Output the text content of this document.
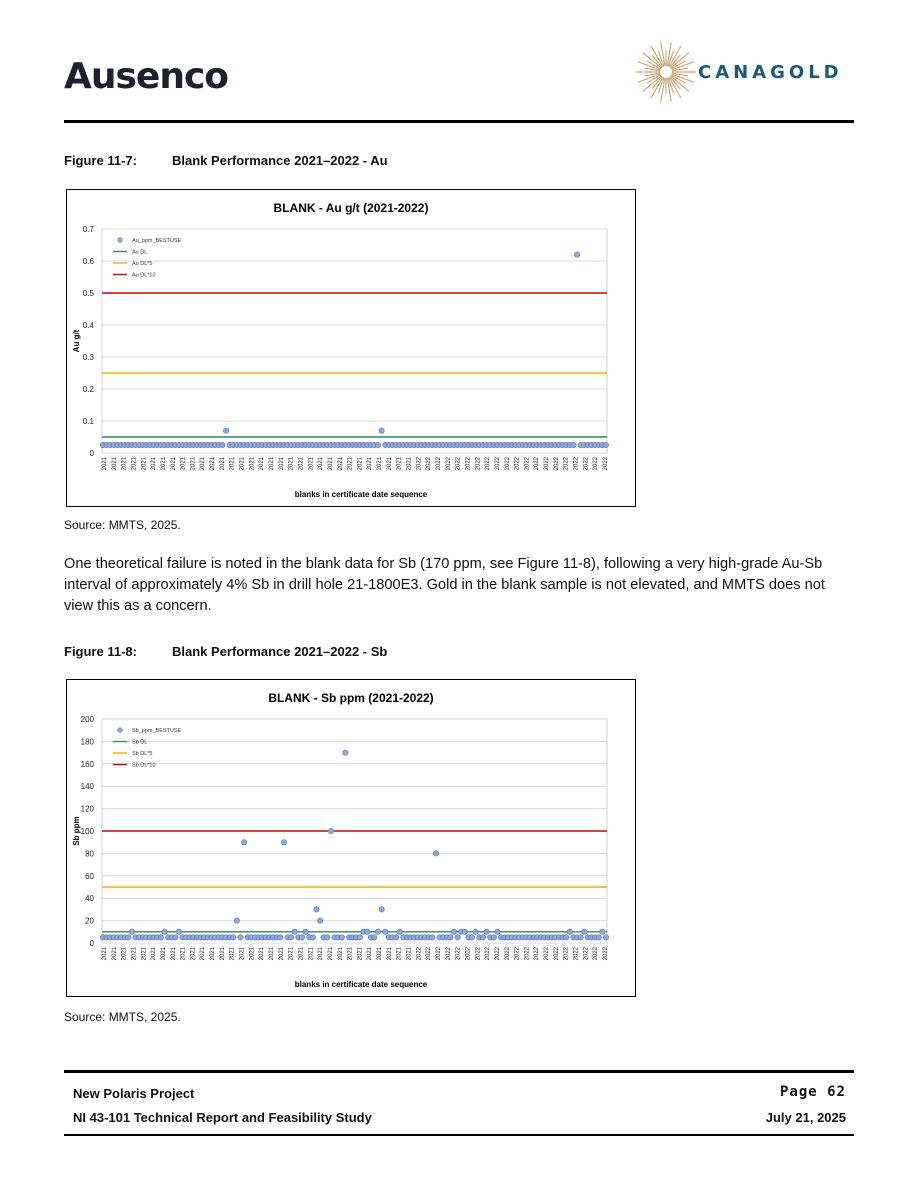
Ausenco	CANAGOLD
Figure 11-7:	Blank Performance 2021–2022 - Au
BLANK - Au g/t (2021-2022)
0
0.1
0.2
0.3
0.4
0.5
0.6
0.7
Au g/t
2021 2021 2021 2021 2021 2021 2021 2021 2021 2021 2021 2021 2021 2021 2021 2021 2021 2021 2021 2021 2021 2021 2021 2021 2021 2021 2021 2021 2021 2021 2021 2021 2022 2022 2022 2022 2022 2022 2022 2022 2022 2022 2022 2022 2022 2022 2022 2022 2022 2022 2022 2022
blanks in certificate date sequence
Au_ppm_BESTUSE
Au DL
Au DL*5
Au DL*10
Source: MMTS, 2025.
One theoretical failure is noted in the blank data for Sb (170 ppm, see Figure 11-8), following a very high-grade Au-Sb interval of approximately 4% Sb in drill hole 21-1800E3. Gold in the blank sample is not elevated, and MMTS does not view this as a concern.
Figure 11-8:	Blank Performance 2021–2022 - Sb
BLANK - Sb ppm (2021-2022)
0
20
40
60
80
100
120
140
160
180
200
Sb ppm
2021 2021 2021 2021 2021 2021 2021 2021 2021 2021 2021 2021 2021 2021 2021 2021 2021 2021 2021 2021 2021 2021 2021 2021 2021 2021 2021 2021 2021 2021 2021 2021 2022 2022 2022 2022 2022 2022 2022 2022 2022 2022 2022 2022 2022 2022 2022 2022 2022 2022 2022 2022
blanks in certificate date sequence
Sb_ppm_BESTUSE
Sb DL
Sb DL*5
Sb DL*10
Source: MMTS, 2025.
New Polaris Project
NI 43-101 Technical Report and Feasibility Study
Page 62
July 21, 2025
